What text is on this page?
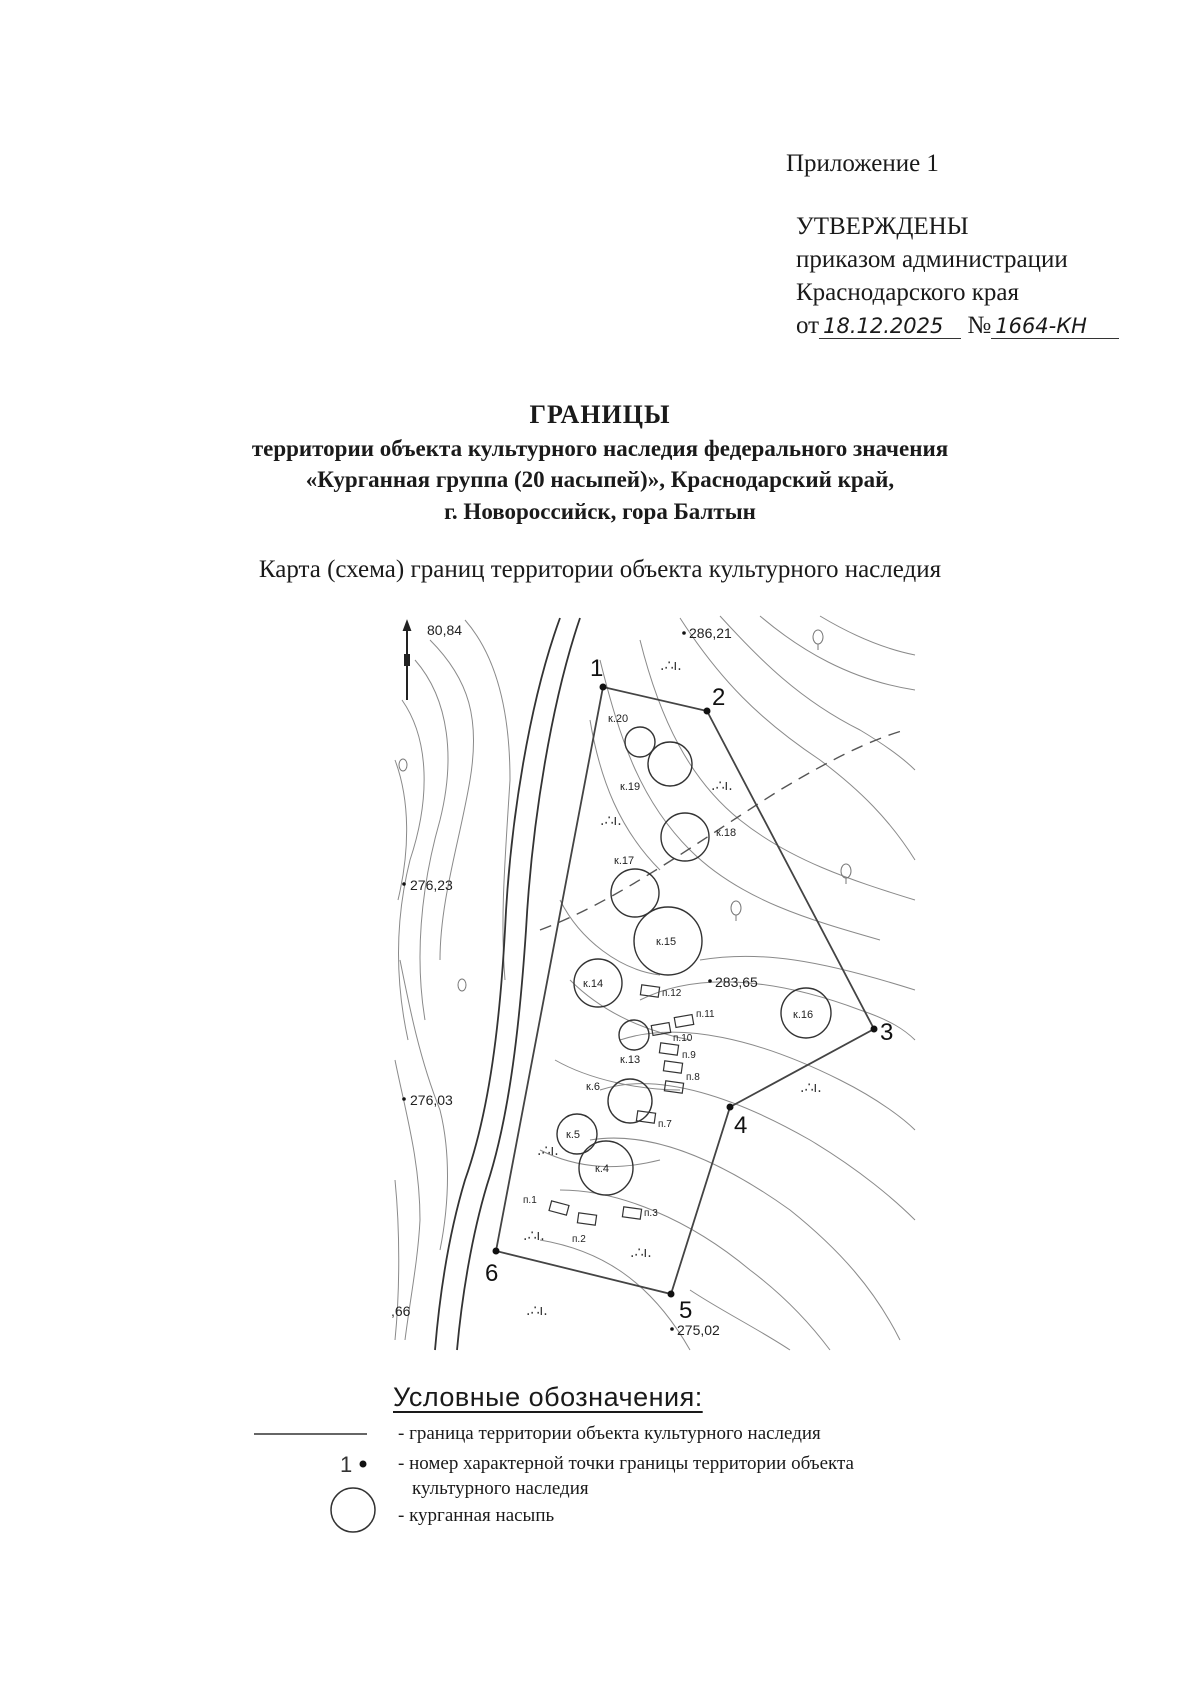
Приложение 1
УТВЕРЖДЕНЫ
приказом администрации
Краснодарского края
от 18.12.2025 № 1664-КН
ГРАНИЦЫ
территории объекта культурного наследия федерального значения
«Курганная группа (20 насыпей)», Краснодарский край,
г. Новороссийск, гора Балтын
Карта (схема) границ территории объекта культурного наследия
.∴ı.
.∴ı.
.∴ı.
.∴ı.
.∴ı.
.∴ı.
.∴ı.
.∴ı.
1
2
3
4
5
6
к.20
к.19
к.18
к.17
к.15
к.14
к.16
к.13
к.6
к.5
к.4
п.12
п.11
п.10
п.9
п.8
п.7
п.1
п.2
п.3
80,84	286,21
276,23
283,65
276,03
275,02
,66
Условные обозначения:
1
- граница территории объекта культурного наследия
- номер характерной точки границы территории объекта
культурного наследия
- курганная насыпь
